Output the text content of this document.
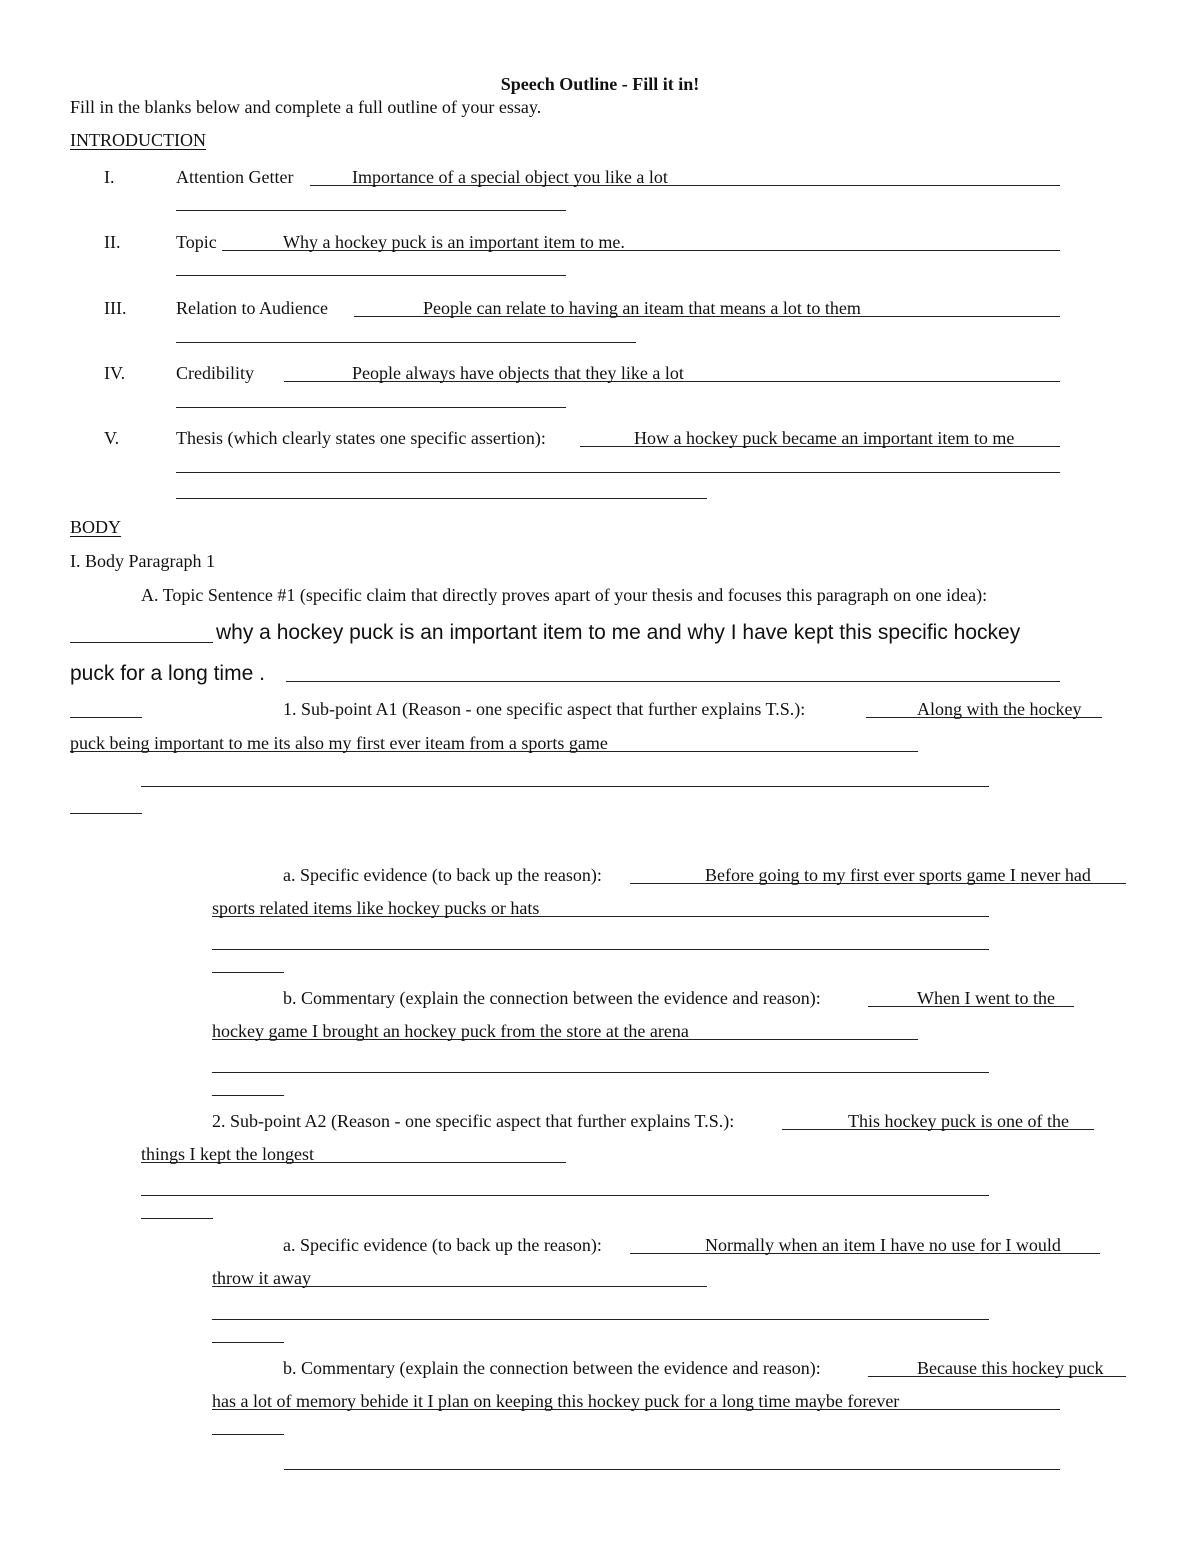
Speech Outline - Fill it in!
Fill in the blanks below and complete a full outline of your essay.
INTRODUCTION
I.	Attention Getter	Importance of a special object you like a lot
II.	Topic	Why a hockey puck is an important item to me.
III.	Relation to Audience	People can relate to having an iteam that means a lot to them
IV.	Credibility	People always have objects that they like a lot
V.	Thesis (which clearly states one specific assertion):	How a hockey puck became an important item to me
BODY
I. Body Paragraph 1
A. Topic Sentence #1 (specific claim that directly proves apart of your thesis and focuses this paragraph on one idea):
why a hockey puck is an important item to me and why I have kept this specific hockey
puck for a long time .
1. Sub-point A1 (Reason - one specific aspect that further explains T.S.):	Along with the hockey
puck being important to me its also my first ever iteam from a sports game
a. Specific evidence (to back up the reason):	Before going to my first ever sports game I never had
sports related items like hockey pucks or hats
b. Commentary (explain the connection between the evidence and reason):	When I went to the
hockey game I brought an hockey puck from the store at the arena
2. Sub-point A2 (Reason - one specific aspect that further explains T.S.):	This hockey puck is one of the
things I kept the longest
a. Specific evidence (to back up the reason):	Normally when an item I have no use for I would
throw it away
b. Commentary (explain the connection between the evidence and reason):	Because this hockey puck
has a lot of memory behide it I plan on keeping this hockey puck for a long time maybe forever
